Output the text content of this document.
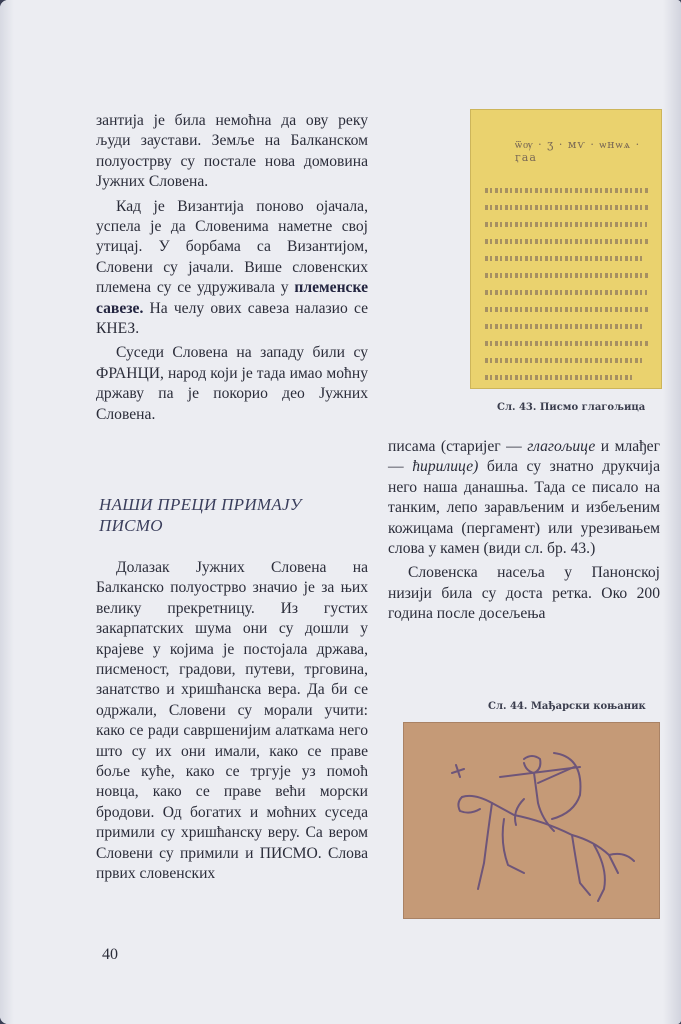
зантија је била немоћна да ову реку људи заустави. Земље на Балканском полуострву су постале нова домовина Јужних Словена.

Кад је Византија поново ојачала, успела је да Словенима наметне свој утицај. У борбама са Византијом, Словени су јачали. Више словенских племена су се удруживала у племенске савезе. На челу ових савеза налазио се КНЕЗ.

Суседи Словена на западу били су ФРАНЦИ, народ који је тада имао моћну државу па је покорио део Јужних Словена.

НАШИ ПРЕЦИ ПРИМАЈУ ПИСМО

Долазак Јужних Словена на Балканско полуострво значио је за њих велику прекретницу. Из густих закарпатских шума они су дошли у крајеве у којима је постојала држава, писменост, градови, путеви, трговина, занатство и хришћанска вера. Да би се одржали, Словени су морали учити: како се ради савршенијим алаткама него што су их они имали, како се праве боље куће, како се тргује уз помоћ новца, како се праве већи морски бродови. Од богатих и моћних суседа примили су хришћанску веру. Са вером Словени су примили и ПИСМО. Слова првих словенских

ѿѹ · ӡ · мѵ · ѡнѡѧ · ӷаа
Сл. 43. Писмо глагољица

писама (старијег — глагољице и млађег — ћирилице) била су знатно друкчија него наша данашња. Тада се писало на танким, лепо зарављеним и избељеним кожицама (пергамент) или урезивањем слова у камен (види сл. бр. 43.)

Словенска насеља у Панонској низији била су доста ретка. Око 200 година после досељења

Сл. 44. Мађарски коњаник
40
